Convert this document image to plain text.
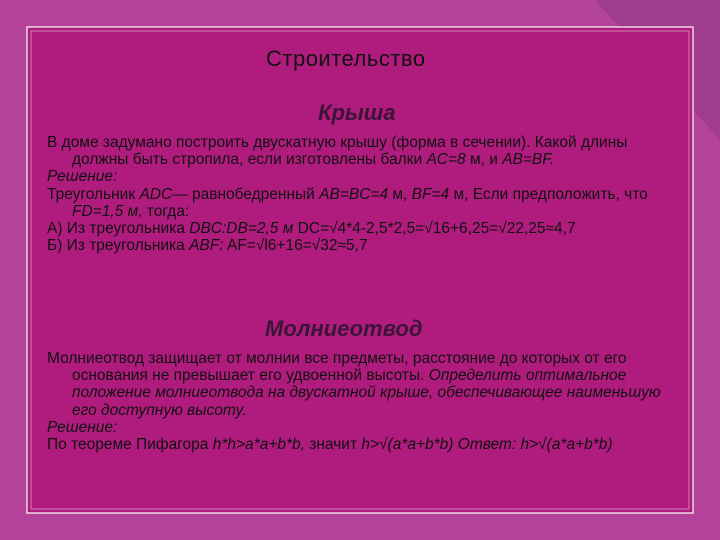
Строительство
Крыша

В доме задумано построить двускатную крышу (форма в сечении). Какой длины должны быть стропила, если изготовлены балки AC=8 м, и AB=BF.

Решение:

Треугольник ADC— равнобедренный AB=BC=4 м, BF=4 м, Если предположить, что FD=1,5 м, тогда:

А) Из треугольника DBC:DB=2,5 м DC=√4*4-2,5*2,5=√16+6,25=√22,25≈4,7

Б) Из треугольника ABF: AF=√l6+16=√32≈5,7

Молниеотвод

Молниеотвод защищает от молнии все предметы, расстояние до которых от его основания не превышает его удвоенной высоты. Определить оптимальное положение молниеотвода на двускатной крыше, обеспечивающее наименьшую его доступную высоту.

Решение:

По теореме Пифагора h*h>a*a+b*b, значит h>√(a*a+b*b) Ответ: h>√(a*a+b*b)
